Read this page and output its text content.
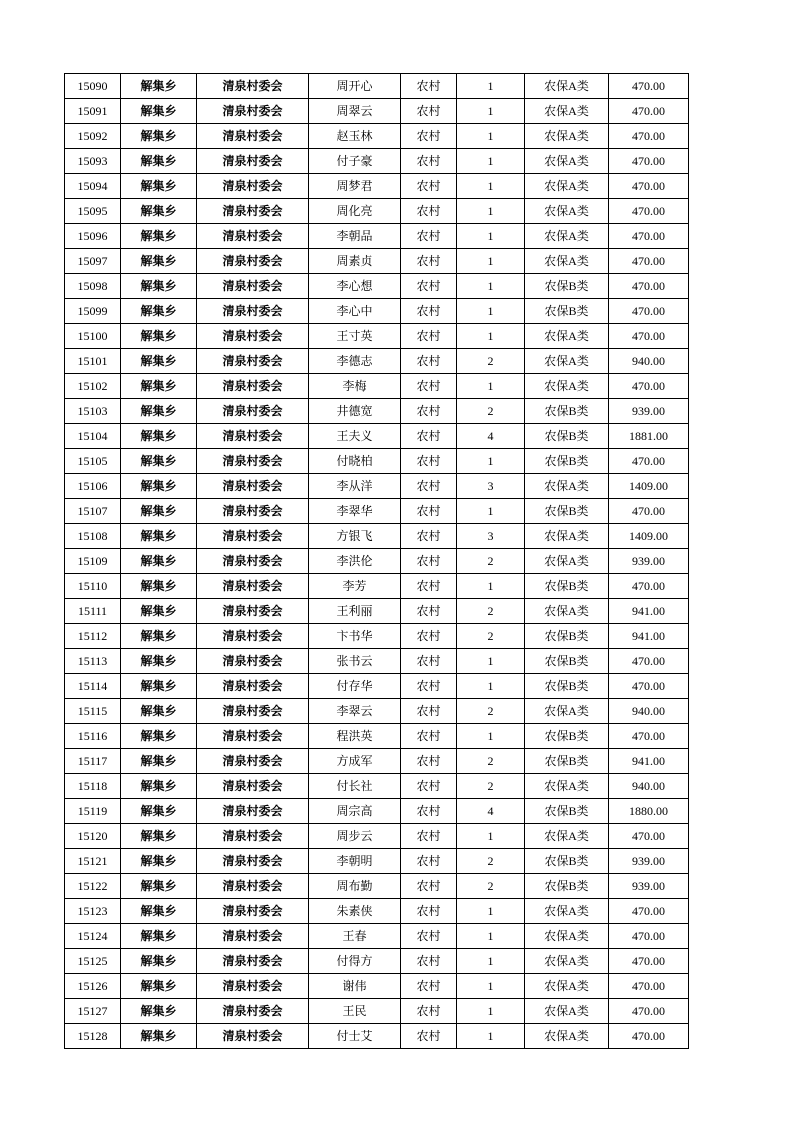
15090	解集乡	清泉村委会	周开心	农村	1	农保A类	470.00
15091	解集乡	清泉村委会	周翠云	农村	1	农保A类	470.00
15092	解集乡	清泉村委会	赵玉林	农村	1	农保A类	470.00
15093	解集乡	清泉村委会	付子豪	农村	1	农保A类	470.00
15094	解集乡	清泉村委会	周梦君	农村	1	农保A类	470.00
15095	解集乡	清泉村委会	周化亮	农村	1	农保A类	470.00
15096	解集乡	清泉村委会	李朝品	农村	1	农保A类	470.00
15097	解集乡	清泉村委会	周素贞	农村	1	农保A类	470.00
15098	解集乡	清泉村委会	李心想	农村	1	农保B类	470.00
15099	解集乡	清泉村委会	李心中	农村	1	农保B类	470.00
15100	解集乡	清泉村委会	王寸英	农村	1	农保A类	470.00
15101	解集乡	清泉村委会	李德志	农村	2	农保A类	940.00
15102	解集乡	清泉村委会	李梅	农村	1	农保A类	470.00
15103	解集乡	清泉村委会	井德宽	农村	2	农保B类	939.00
15104	解集乡	清泉村委会	王夫义	农村	4	农保B类	1881.00
15105	解集乡	清泉村委会	付晓柏	农村	1	农保B类	470.00
15106	解集乡	清泉村委会	李从洋	农村	3	农保A类	1409.00
15107	解集乡	清泉村委会	李翠华	农村	1	农保B类	470.00
15108	解集乡	清泉村委会	方银飞	农村	3	农保A类	1409.00
15109	解集乡	清泉村委会	李洪伦	农村	2	农保A类	939.00
15110	解集乡	清泉村委会	李芳	农村	1	农保B类	470.00
15111	解集乡	清泉村委会	王利丽	农村	2	农保A类	941.00
15112	解集乡	清泉村委会	卞书华	农村	2	农保B类	941.00
15113	解集乡	清泉村委会	张书云	农村	1	农保B类	470.00
15114	解集乡	清泉村委会	付存华	农村	1	农保B类	470.00
15115	解集乡	清泉村委会	李翠云	农村	2	农保A类	940.00
15116	解集乡	清泉村委会	程洪英	农村	1	农保B类	470.00
15117	解集乡	清泉村委会	方成军	农村	2	农保B类	941.00
15118	解集乡	清泉村委会	付长社	农村	2	农保A类	940.00
15119	解集乡	清泉村委会	周宗高	农村	4	农保B类	1880.00
15120	解集乡	清泉村委会	周步云	农村	1	农保A类	470.00
15121	解集乡	清泉村委会	李朝明	农村	2	农保B类	939.00
15122	解集乡	清泉村委会	周布勤	农村	2	农保B类	939.00
15123	解集乡	清泉村委会	朱素侠	农村	1	农保A类	470.00
15124	解集乡	清泉村委会	王春	农村	1	农保A类	470.00
15125	解集乡	清泉村委会	付得方	农村	1	农保A类	470.00
15126	解集乡	清泉村委会	谢伟	农村	1	农保A类	470.00
15127	解集乡	清泉村委会	王民	农村	1	农保A类	470.00
15128	解集乡	清泉村委会	付士艾	农村	1	农保A类	470.00
